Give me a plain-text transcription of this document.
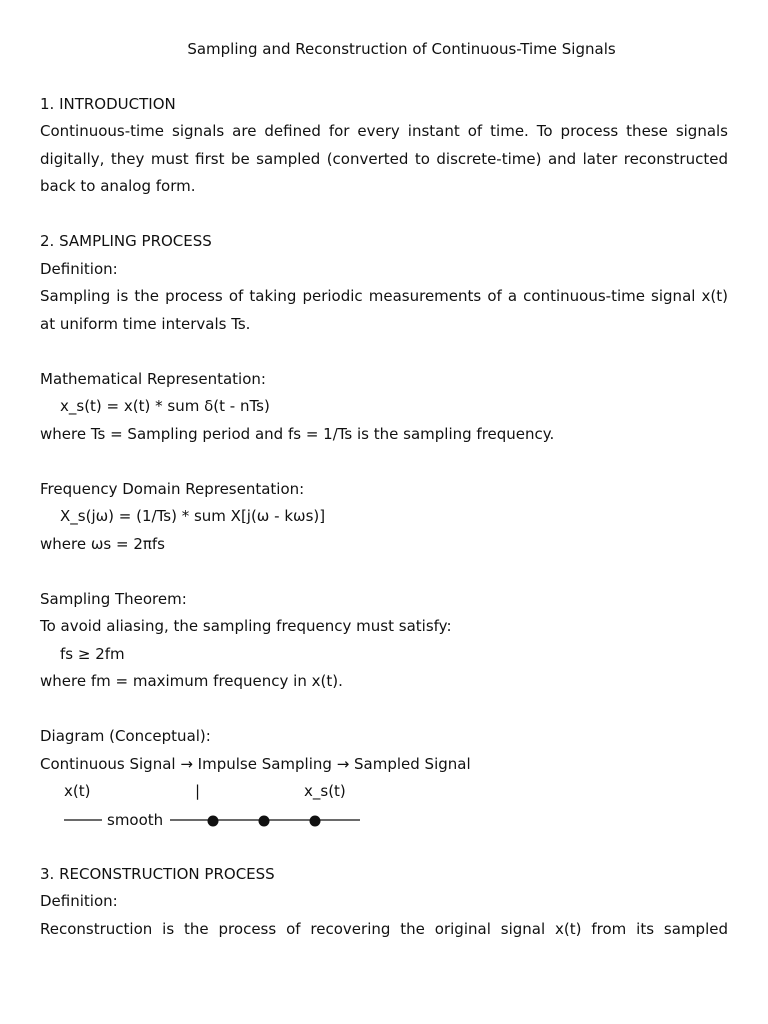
Sampling and Reconstruction of Continuous-Time Signals
1. INTRODUCTION
Continuous-time signals are defined for every instant of time. To process these signals digitally, they must first be sampled (converted to discrete-time) and later reconstructed back to analog form.
2. SAMPLING PROCESS
Definition:
Sampling is the process of taking periodic measurements of a continuous-time signal x(t) at uniform time intervals Ts.
Mathematical Representation:
x_s(t) = x(t) * sum δ(t - nTs)
where Ts = Sampling period and fs = 1/Ts is the sampling frequency.
Frequency Domain Representation:
X_s(jω) = (1/Ts) * sum X[j(ω - kωs)]
where ωs = 2πfs
Sampling Theorem:
To avoid aliasing, the sampling frequency must satisfy:
fs ≥ 2fm
where fm = maximum frequency in x(t).
Diagram (Conceptual):
Continuous Signal → Impulse Sampling → Sampled Signal
x(t)	|	x_s(t)
smooth
3. RECONSTRUCTION PROCESS
Definition:
Reconstruction is the process of recovering the original signal x(t) from its sampled
